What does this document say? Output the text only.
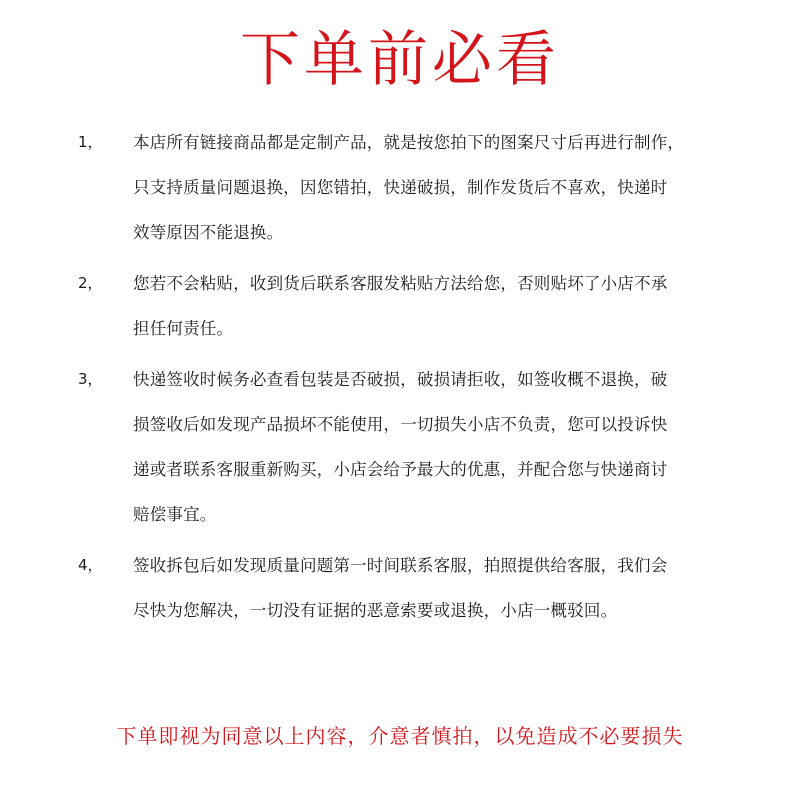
下单前必看
1，	本店所有链接商品都是定制产品，就是按您拍下的图案尺寸后再进行制作，
只支持质量问题退换，因您错拍，快递破损，制作发货后不喜欢，快递时
效等原因不能退换。
2，	您若不会粘贴，收到货后联系客服发粘贴方法给您，否则贴坏了小店不承
担任何责任。
3，	快递签收时候务必查看包装是否破损，破损请拒收，如签收概不退换，破
损签收后如发现产品损坏不能使用，一切损失小店不负责，您可以投诉快
递或者联系客服重新购买，小店会给予最大的优惠，并配合您与快递商讨
赔偿事宜。
4，	签收拆包后如发现质量问题第一时间联系客服，拍照提供给客服，我们会
尽快为您解决，一切没有证据的恶意索要或退换，小店一概驳回。
下单即视为同意以上内容，介意者慎拍，以免造成不必要损失
